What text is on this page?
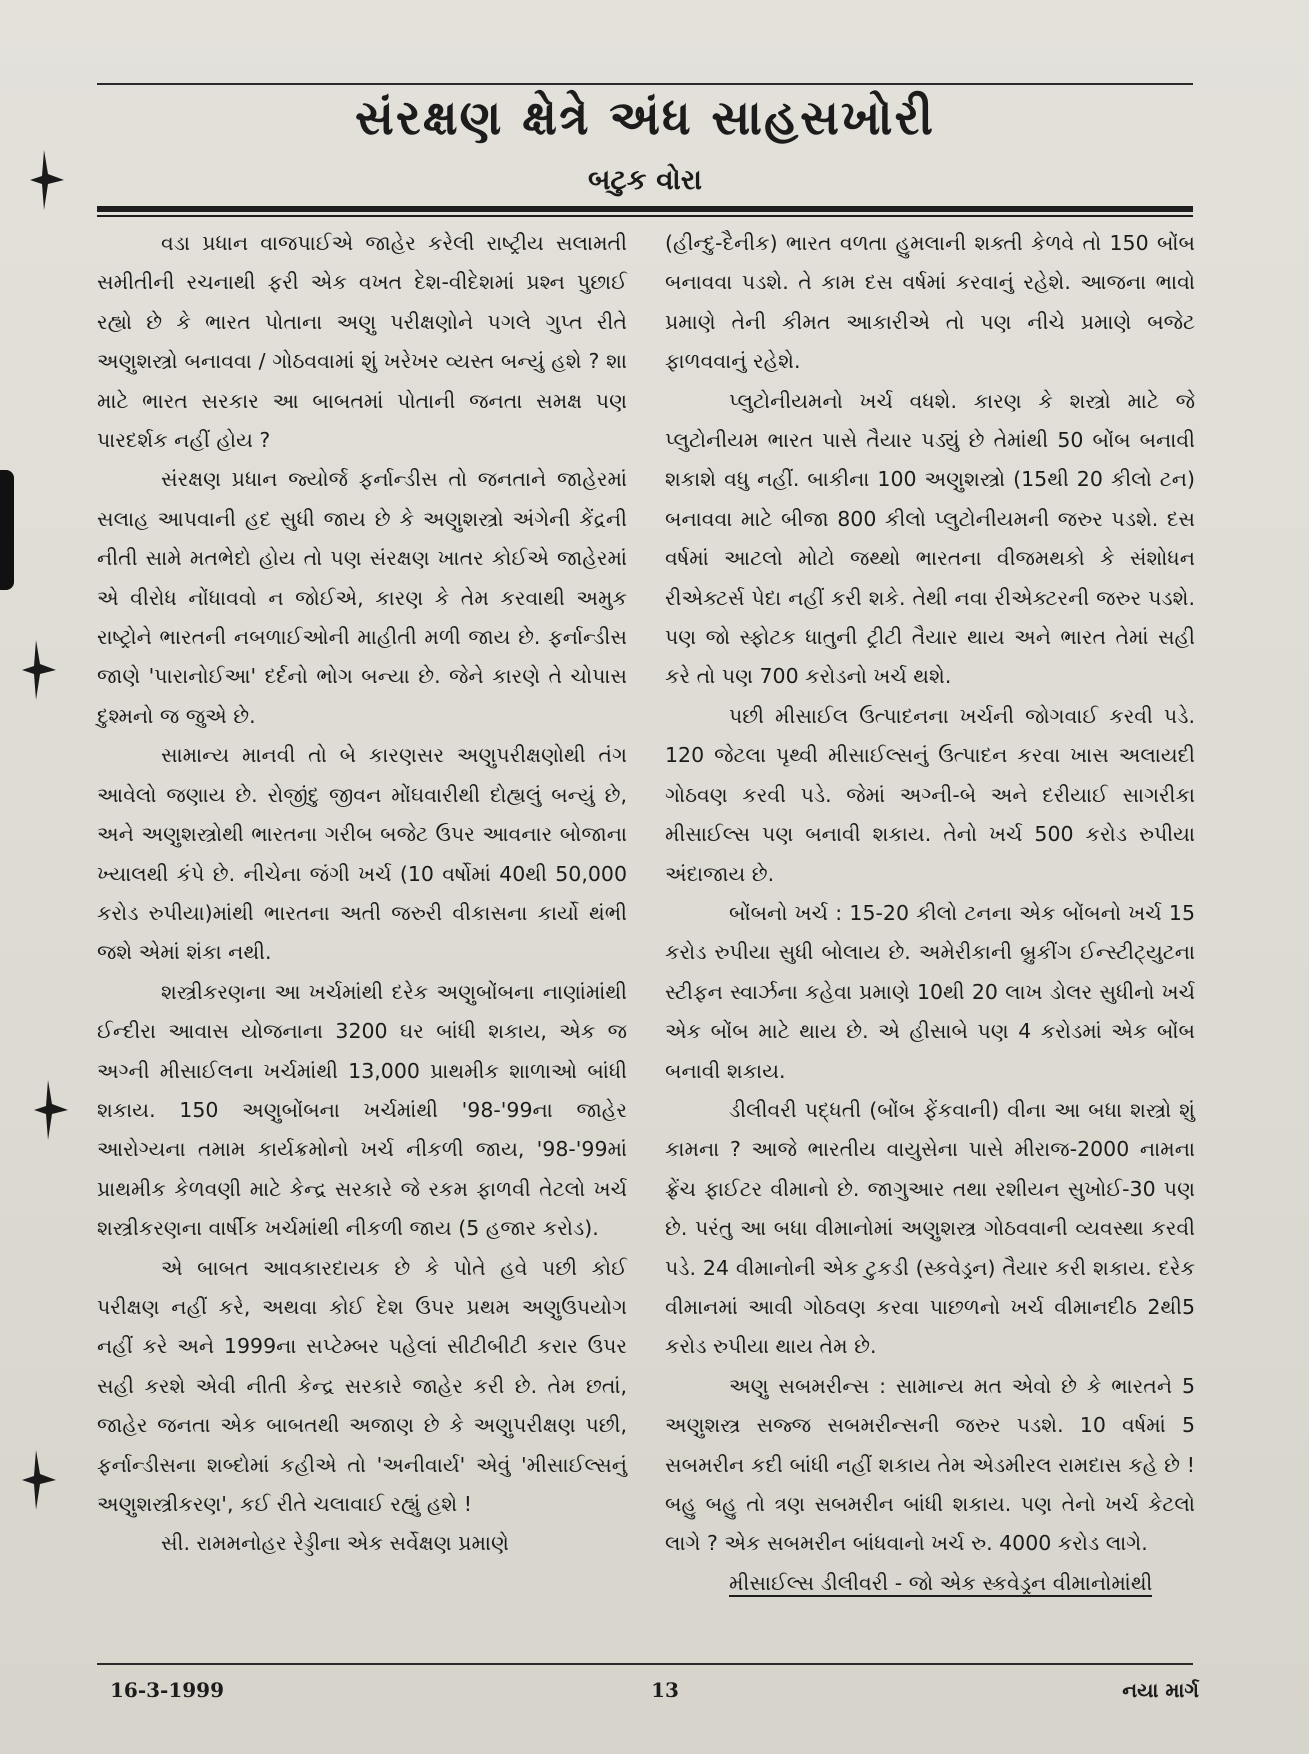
સંરક્ષણ ક્ષેત્રે અંધ સાહસખોરી
બટુક વોરા

વડા પ્રધાન વાજપાઈએ જાહેર કરેલી રાષ્ટ્રીય સલામતી સમીતીની રચનાથી ફરી એક વખત દેશ-વીદેશમાં પ્રશ્ન પુછાઈ રહ્યો છે કે ભારત પોતાના અણુ પરીક્ષણોને પગલે ગુપ્ત રીતે અણુશસ્ત્રો બનાવવા / ગોઠવવામાં શું ખરેખર વ્યસ્ત બન્યું હશે ? શા માટે ભારત સરકાર આ બાબતમાં પોતાની જનતા સમક્ષ પણ પારદર્શક નહીં હોય ?

સંરક્ષણ પ્રધાન જ્યોર્જ ફર્નાન્ડીસ તો જનતાને જાહેરમાં સલાહ આપવાની હદ સુધી જાય છે કે અણુશસ્ત્રો અંગેની કેંદ્રની નીતી સામે મતભેદો હોય તો પણ સંરક્ષણ ખાતર કોઈએ જાહેરમાં એ વીરોધ નોંધાવવો ન જોઈએ, કારણ કે તેમ કરવાથી અમુક રાષ્ટ્રોને ભારતની નબળાઈઓની માહીતી મળી જાય છે. ફર્નાન્ડીસ જાણે 'પારાનોઈઆ' દર્દનો ભોગ બન્યા છે. જેને કારણે તે ચોપાસ દુશ્મનો જ જુએ છે.

સામાન્ય માનવી તો બે કારણસર અણુપરીક્ષણોથી તંગ આવેલો જણાય છે. રોજીંદુ જીવન મોંઘવારીથી દોહ્યલું બન્યું છે, અને અણુશસ્ત્રોથી ભારતના ગરીબ બજેટ ઉપર આવનાર બોજાના ખ્યાલથી કંપે છે. નીચેના જંગી ખર્ચ (10 વર્ષોમાં 40થી 50,000 કરોડ રુપીયા)માંથી ભારતના અતી જરુરી વીકાસના કાર્યો થંભી જશે એમાં શંકા નથી.

શસ્ત્રીકરણના આ ખર્ચમાંથી દરેક અણુબોંબના નાણાંમાંથી ઈન્દીરા આવાસ યોજનાના 3200 ઘર બાંધી શકાય, એક જ અગ્ની મીસાઈલના ખર્ચમાંથી 13,000 પ્રાથમીક શાળાઓ બાંધી શકાય. 150 અણુબોંબના ખર્ચમાંથી '98-'99ના જાહેર આરોગ્યના તમામ કાર્યક્રમોનો ખર્ચ નીકળી જાય, '98-'99માં પ્રાથમીક કેળવણી માટે કેન્દ્ર સરકારે જે રકમ ફાળવી તેટલો ખર્ચ શસ્ત્રીકરણના વાર્ષીક ખર્ચમાંથી નીકળી જાય (5 હજાર કરોડ).

એ બાબત આવકારદાયક છે કે પોતે હવે પછી કોઈ પરીક્ષણ નહીં કરે, અથવા કોઈ દેશ ઉપર પ્રથમ અણુઉપયોગ નહીં કરે અને 1999ના સપ્ટેમ્બર પહેલાં સીટીબીટી કરાર ઉપર સહી કરશે એવી નીતી કેન્દ્ર સરકારે જાહેર કરી છે. તેમ છતાં, જાહેર જનતા એક બાબતથી અજાણ છે કે અણુપરીક્ષણ પછી, ફર્નાન્ડીસના શબ્દોમાં કહીએ તો 'અનીવાર્ય' એવું 'મીસાઈલ્સનું અણુશસ્ત્રીકરણ', કઈ રીતે ચલાવાઈ રહ્યું હશે !

સી. રામમનોહર રેડ્ડીના એક સર્વેક્ષણ પ્રમાણે

(હીન્દુ-દૈનીક) ભારત વળતા હુમલાની શક્તી કેળવે તો 150 બોંબ બનાવવા પડશે. તે કામ દસ વર્ષમાં કરવાનું રહેશે. આજના ભાવો પ્રમાણે તેની કીમત આકારીએ તો પણ નીચે પ્રમાણે બજેટ ફાળવવાનું રહેશે.

પ્લુટોનીયમનો ખર્ચ વધશે. કારણ કે શસ્ત્રો માટે જે પ્લુટોનીયમ ભારત પાસે તૈયાર પડ્યું છે તેમાંથી 50 બોંબ બનાવી શકાશે વધુ નહીં. બાકીના 100 અણુશસ્ત્રો (15થી 20 કીલો ટન) બનાવવા માટે બીજા 800 કીલો પ્લુટોનીયમની જરુર પડશે. દસ વર્ષમાં આટલો મોટો જથ્થો ભારતના વીજમથકો કે સંશોધન રીએક્ટર્સ પેદા નહીં કરી શકે. તેથી નવા રીએક્ટરની જરુર પડશે. પણ જો સ્ફોટક ધાતુની ટ્રીટી તૈયાર થાય અને ભારત તેમાં સહી કરે તો પણ 700 કરોડનો ખર્ચ થશે.

પછી મીસાઈલ ઉત્પાદનના ખર્ચની જોગવાઈ કરવી પડે. 120 જેટલા પૃથ્વી મીસાઈલ્સનું ઉત્પાદન કરવા ખાસ અલાયદી ગોઠવણ કરવી પડે. જેમાં અગ્ની-બે અને દરીયાઈ સાગરીકા મીસાઈલ્સ પણ બનાવી શકાય. તેનો ખર્ચ 500 કરોડ રુપીયા અંદાજાય છે.

બોંબનો ખર્ચ : 15-20 કીલો ટનના એક બોંબનો ખર્ચ 15 કરોડ રુપીયા સુધી બોલાય છે. અમેરીકાની બ્રુકીંગ ઈન્સ્ટીટ્યુટના સ્ટીફન સ્વાર્ઝના કહેવા પ્રમાણે 10થી 20 લાખ ડોલર સુધીનો ખર્ચ એક બોંબ માટે થાય છે. એ હીસાબે પણ 4 કરોડમાં એક બોંબ બનાવી શકાય.

ડીલીવરી પદ્ધતી (બોંબ ફેંકવાની) વીના આ બધા શસ્ત્રો શું કામના ? આજે ભારતીય વાયુસેના પાસે મીરાજ-2000 નામના ફ્રેંચ ફાઈટર વીમાનો છે. જાગુઆર તથા રશીયન સુખોઈ-30 પણ છે. પરંતુ આ બધા વીમાનોમાં અણુશસ્ત્ર ગોઠવવાની વ્યવસ્થા કરવી પડે. 24 વીમાનોની એક ટુકડી (સ્કવેડ્રન) તૈયાર કરી શકાય. દરેક વીમાનમાં આવી ગોઠવણ કરવા પાછળનો ખર્ચ વીમાનદીઠ 2થી5 કરોડ રુપીયા થાય તેમ છે.

અણુ સબમરીન્સ : સામાન્ય મત એવો છે કે ભારતને 5 અણુશસ્ત્ર સજ્જ સબમરીન્સની જરુર પડશે. 10 વર્ષમાં 5 સબમરીન કદી બાંધી નહીં શકાય તેમ એડમીરલ રામદાસ કહે છે ! બહુ બહુ તો ત્રણ સબમરીન બાંધી શકાય. પણ તેનો ખર્ચ કેટલો લાગે ? એક સબમરીન બાંધવાનો ખર્ચ રુ. 4000 કરોડ લાગે.

મીસાઈલ્સ ડીલીવરી - જો એક સ્કવેડ્રન વીમાનોમાંથી

16-3-1999	13	નયા માર્ગ
